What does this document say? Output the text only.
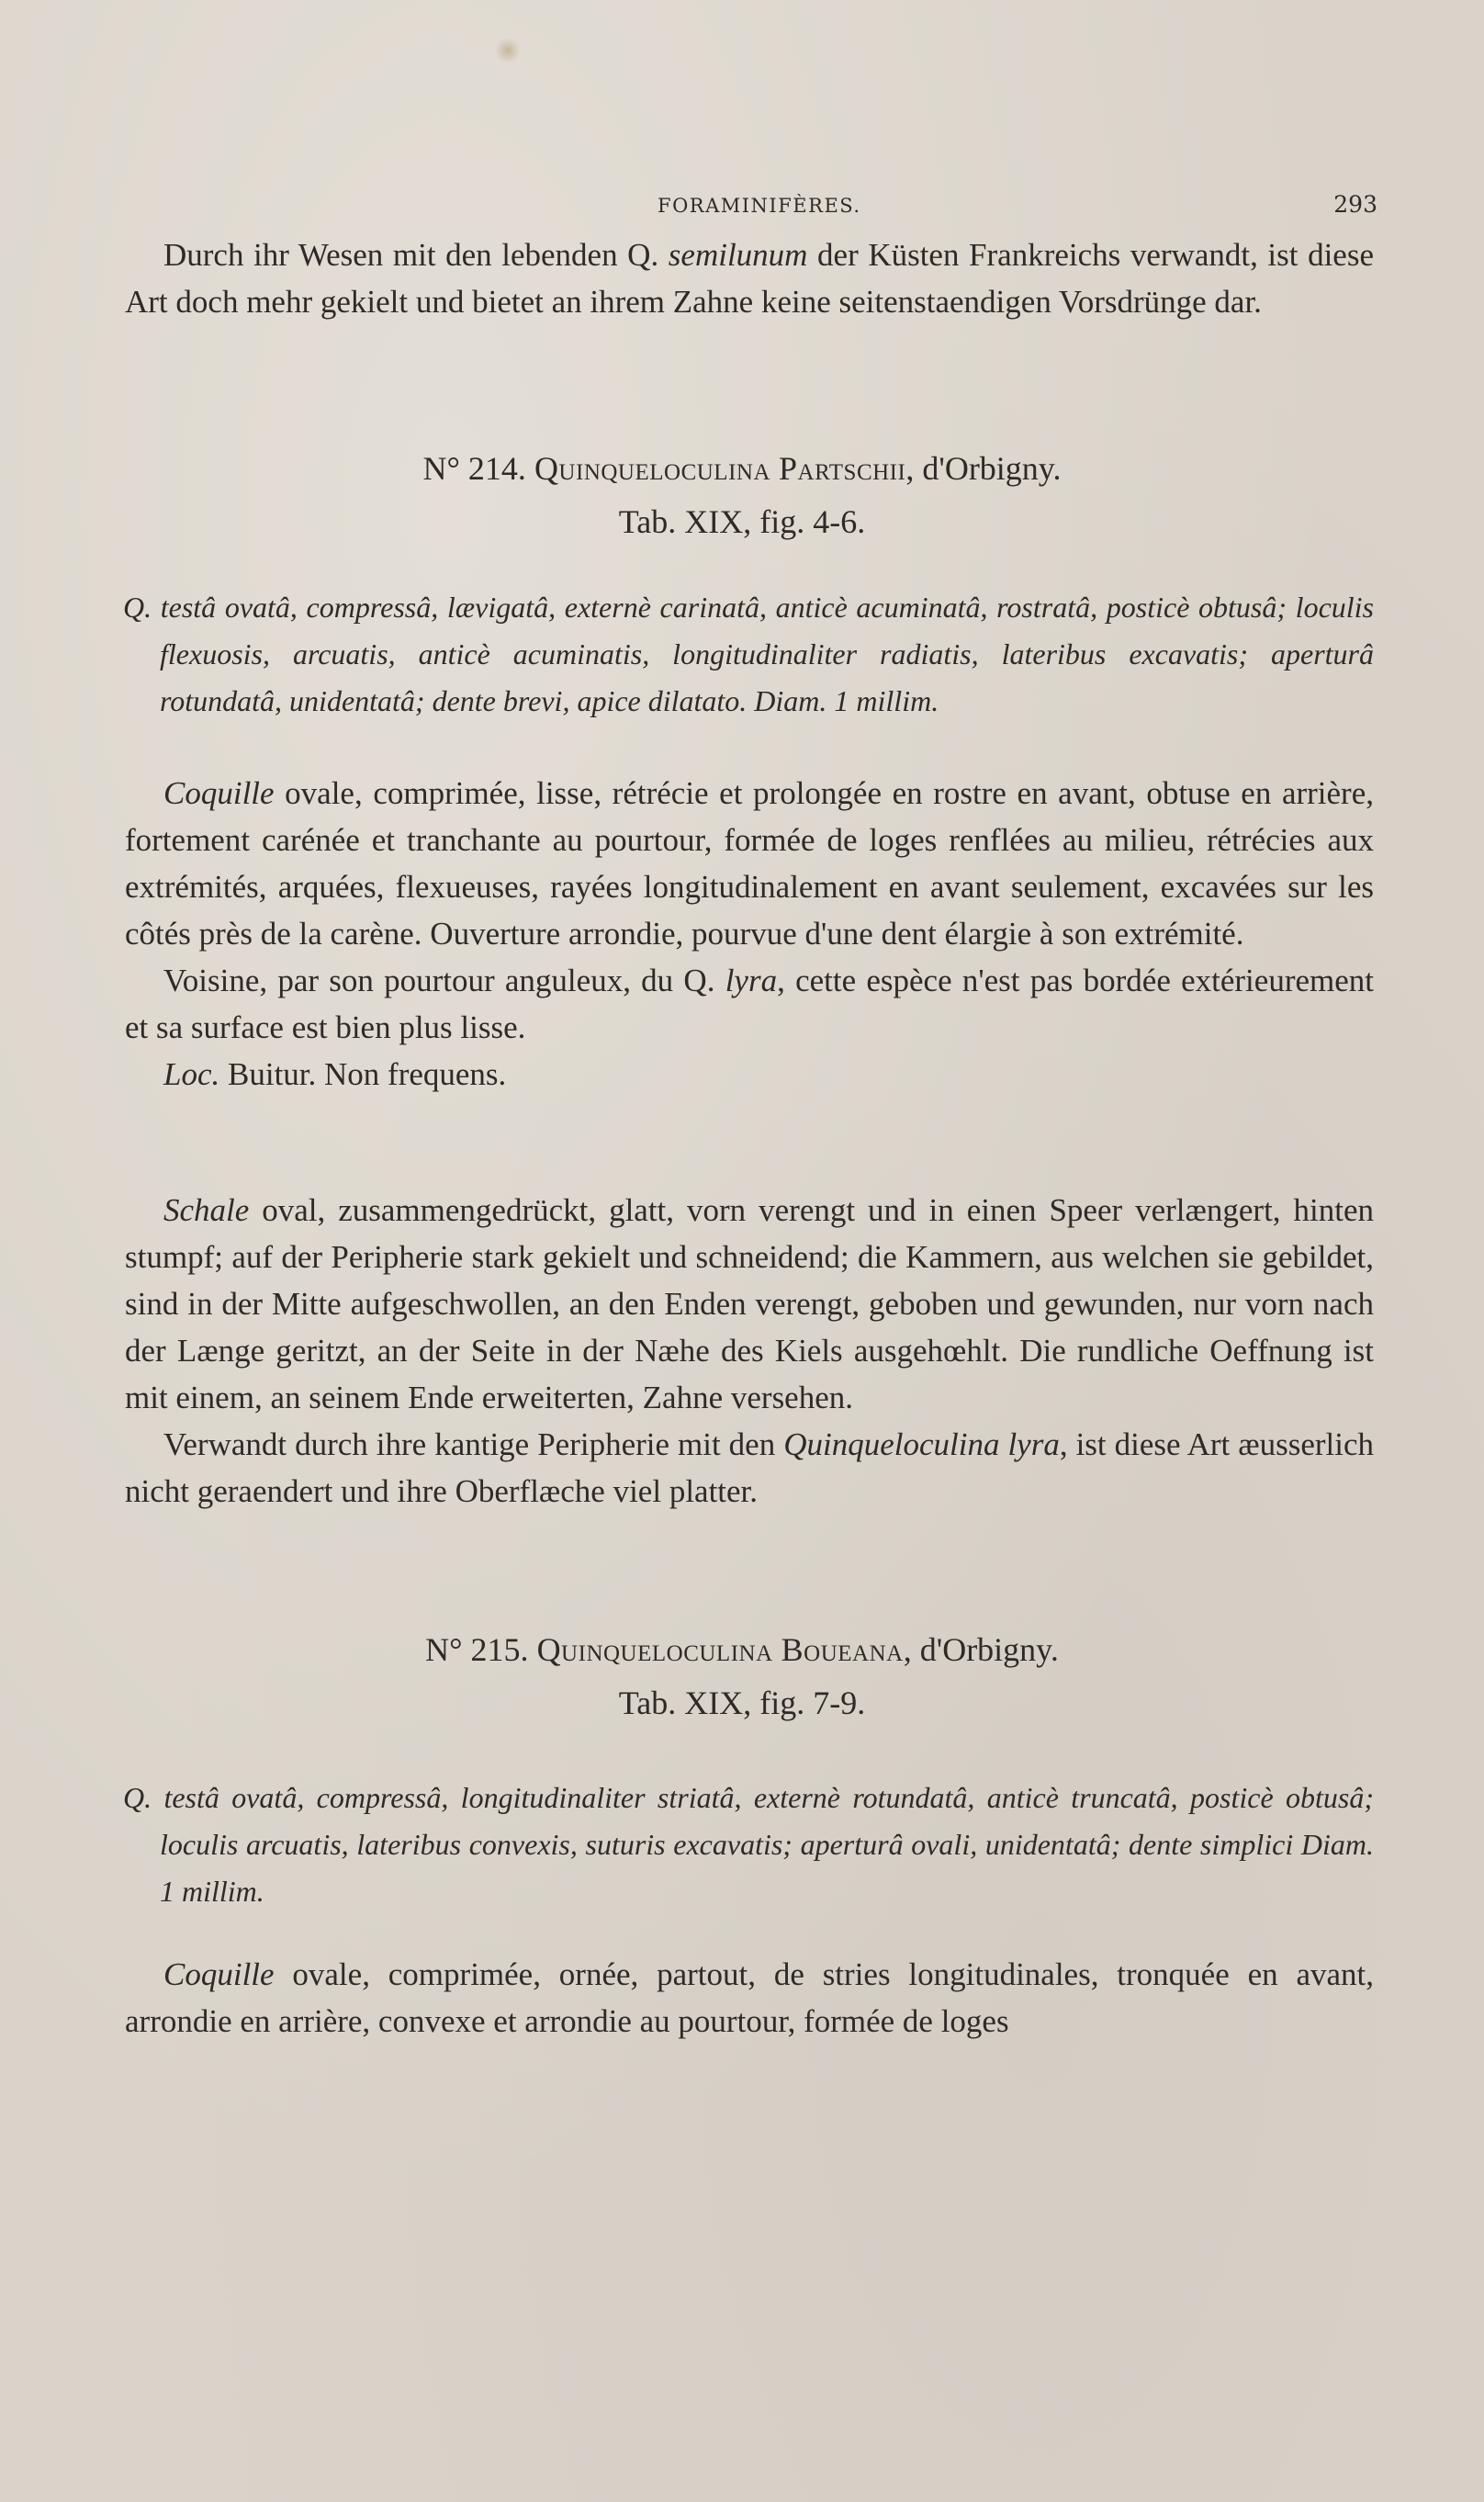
FORAMINIFÈRES.	293

Durch ihr Wesen mit den lebenden Q. semilunum der Küsten Frankreichs verwandt, ist diese Art doch mehr gekielt und bietet an ihrem Zahne keine seitenstaendigen Vorsdrünge dar.

N° 214. Quinqueloculina Partschii, d'Orbigny.
Tab. XIX, fig. 4-6.

Q. testâ ovatâ, compressâ, lævigatâ, externè carinatâ, anticè acuminatâ, rostratâ, posticè obtusâ; loculis flexuosis, arcuatis, anticè acuminatis, longitudinaliter radiatis, lateribus excavatis; aperturâ rotundatâ, unidentatâ; dente brevi, apice dilatato. Diam. 1 millim.

Coquille ovale, comprimée, lisse, rétrécie et prolongée en rostre en avant, obtuse en arrière, fortement carénée et tranchante au pourtour, formée de loges renflées au milieu, rétrécies aux extrémités, arquées, flexueuses, rayées longitudinalement en avant seulement, excavées sur les côtés près de la carène. Ouverture arrondie, pourvue d'une dent élargie à son extrémité.

Voisine, par son pourtour anguleux, du Q. lyra, cette espèce n'est pas bordée extérieurement et sa surface est bien plus lisse.

Loc. Buitur. Non frequens.

Schale oval, zusammengedrückt, glatt, vorn verengt und in einen Speer verlængert, hinten stumpf; auf der Peripherie stark gekielt und schneidend; die Kammern, aus welchen sie gebildet, sind in der Mitte aufgeschwollen, an den Enden verengt, geboben und gewunden, nur vorn nach der Længe geritzt, an der Seite in der Næhe des Kiels ausgehœhlt. Die rundliche Oeffnung ist mit einem, an seinem Ende erweiterten, Zahne versehen.

Verwandt durch ihre kantige Peripherie mit den Quinqueloculina lyra, ist diese Art æusserlich nicht geraendert und ihre Oberflæche viel platter.

N° 215. Quinqueloculina Boueana, d'Orbigny.
Tab. XIX, fig. 7-9.

Q. testâ ovatâ, compressâ, longitudinaliter striatâ, externè rotundatâ, anticè truncatâ, posticè obtusâ; loculis arcuatis, lateribus convexis, suturis excavatis; aperturâ ovali, unidentatâ; dente simplici Diam. 1 millim.

Coquille ovale, comprimée, ornée, partout, de stries longitudinales, tronquée en avant, arrondie en arrière, convexe et arrondie au pourtour, formée de loges
